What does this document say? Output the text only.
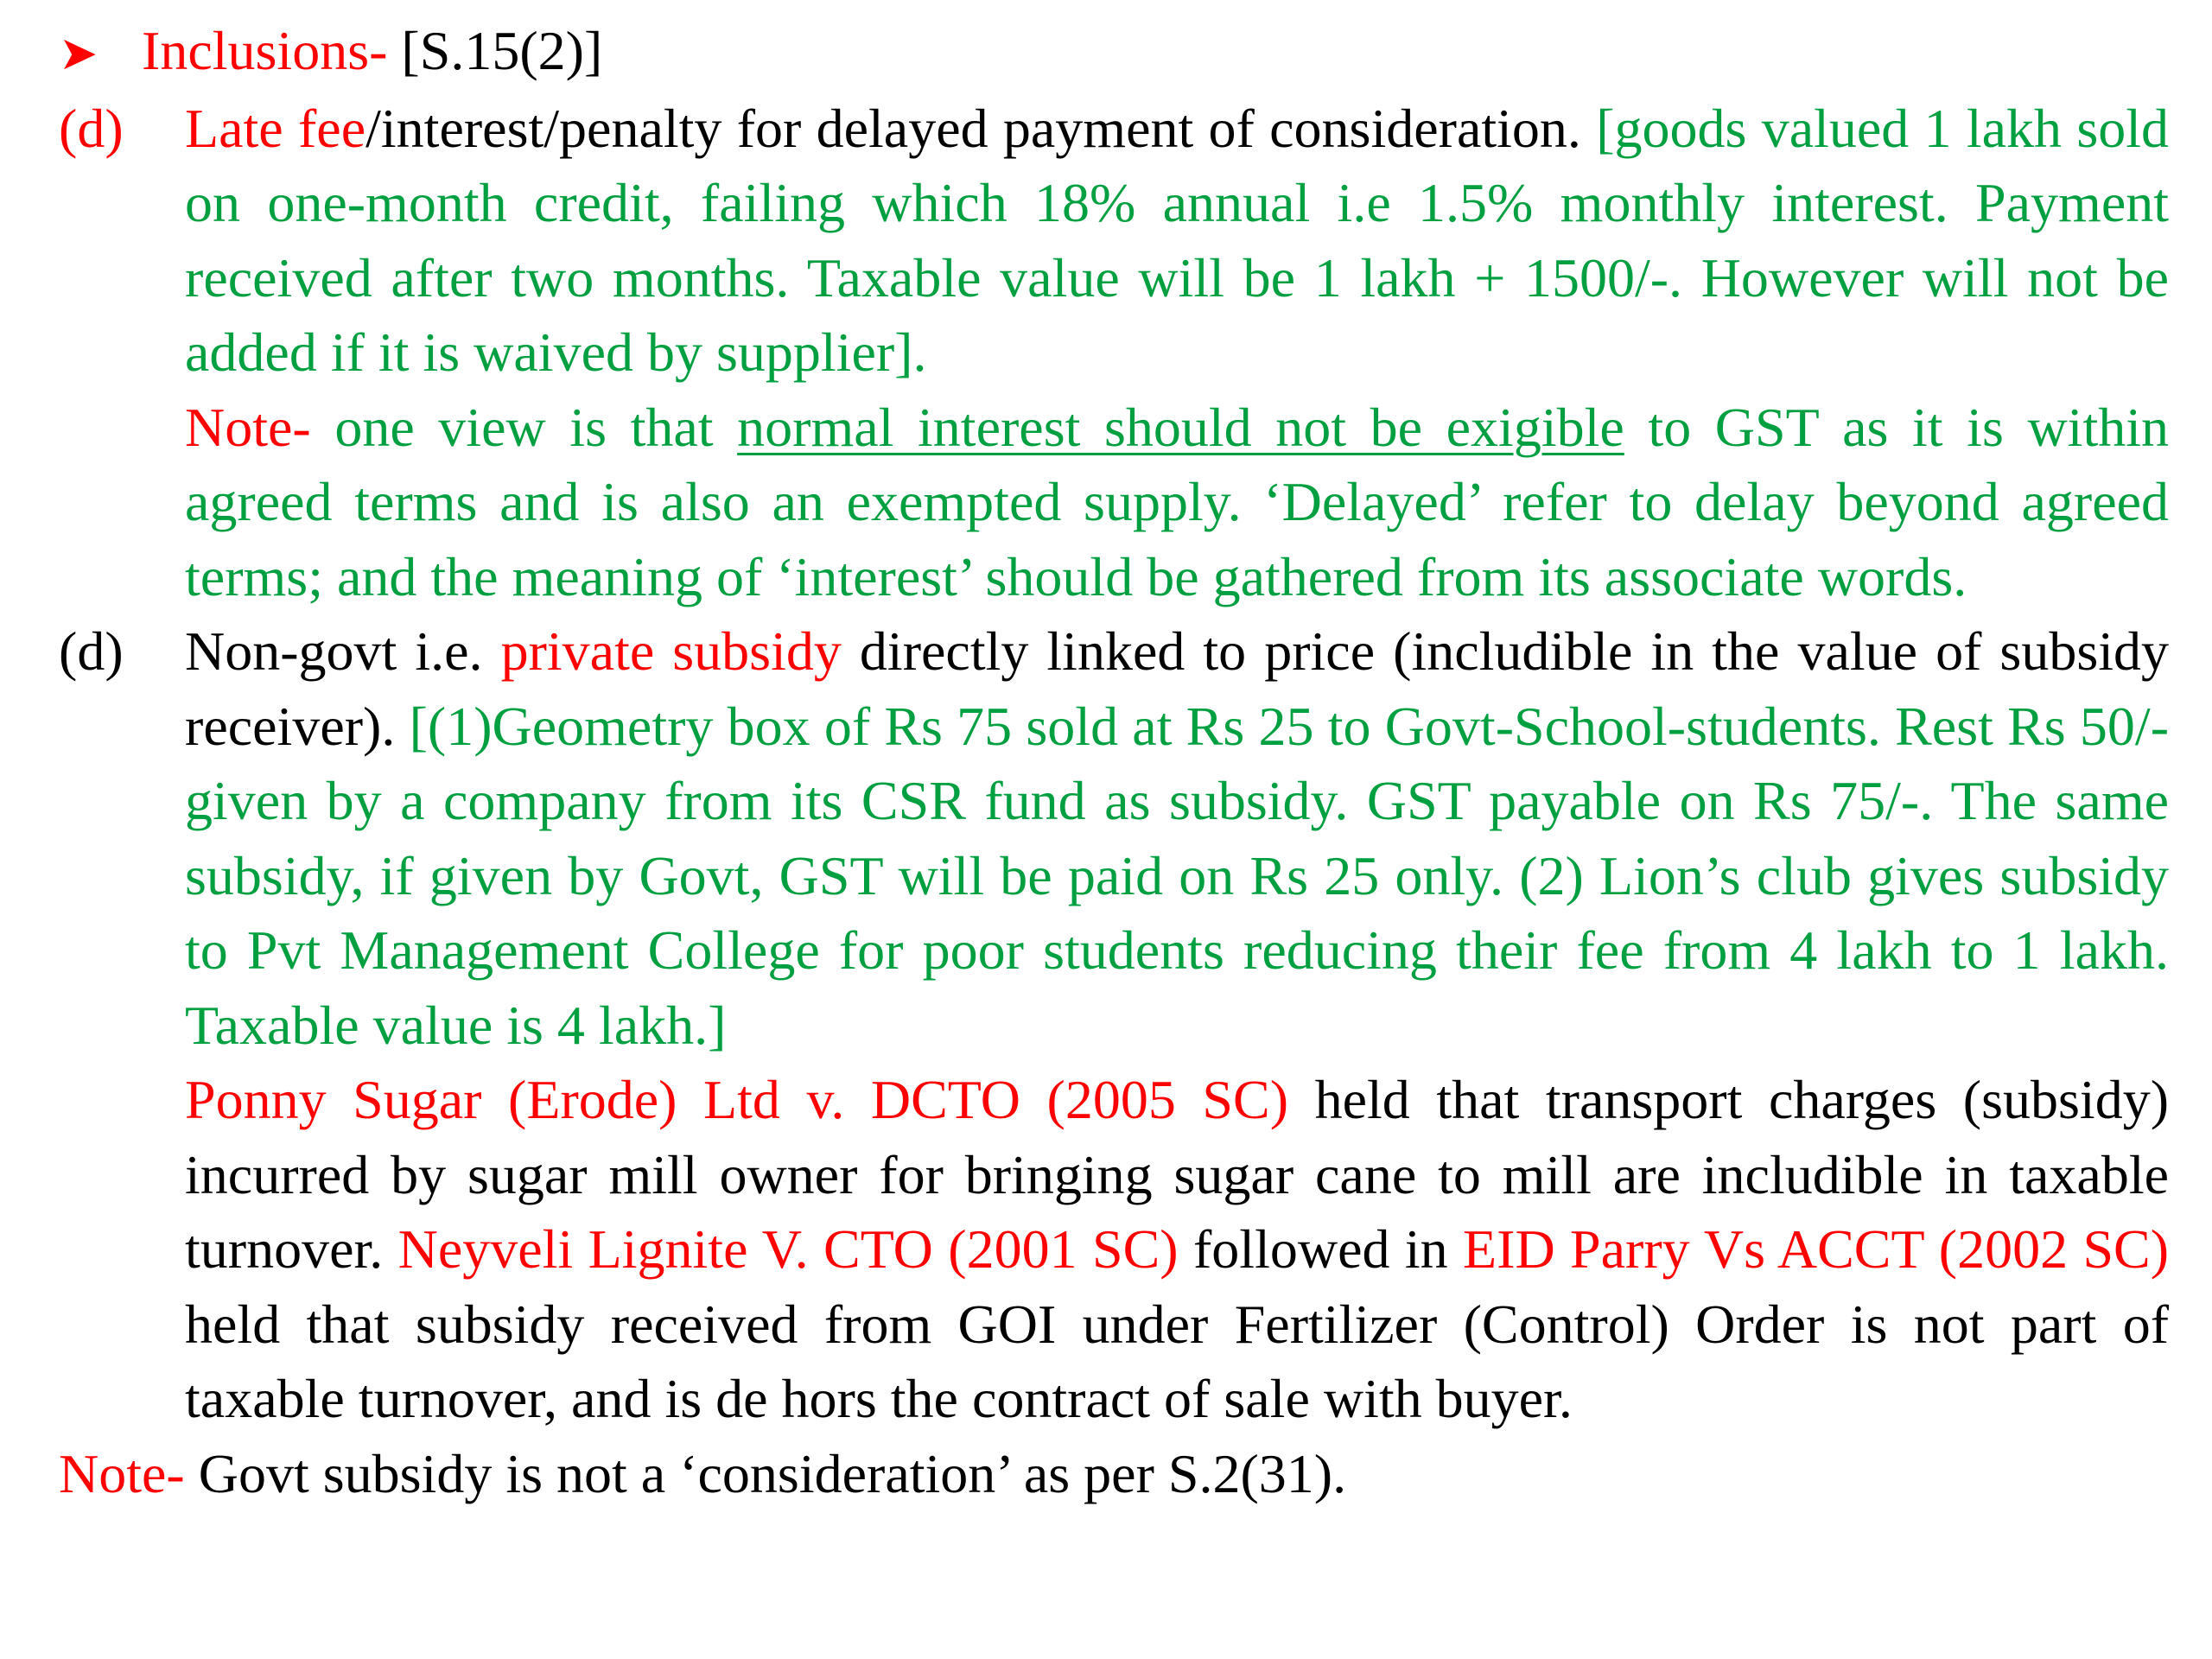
➤ Inclusions-
[S.15(2)]
(d)	Late fee/interest/penalty for delayed payment of consideration. [goods valued 1 lakh sold on one-month credit, failing which 18% annual i.e 1.5% monthly interest. Payment received after two months. Taxable value will be 1 lakh + 1500/-. However will not be added if it is waived by supplier].
Note- one view is that normal interest should not be exigible to GST as it is within agreed terms and is also an exempted supply. ‘Delayed’ refer to delay beyond agreed terms; and the meaning of ‘interest’ should be gathered from its associate words.
(d)	Non-govt i.e. private subsidy directly linked to price (includible in the value of subsidy receiver). [(1)Geometry box of Rs 75 sold at Rs 25 to Govt-School-students. Rest Rs 50/- given by a company from its CSR fund as subsidy. GST payable on Rs 75/-. The same subsidy, if given by Govt, GST will be paid on Rs 25 only. (2) Lion’s club gives subsidy to Pvt Management College for poor students reducing their fee from 4 lakh to 1 lakh. Taxable value is 4 lakh.]
Ponny Sugar (Erode) Ltd v. DCTO (2005 SC) held that transport charges (subsidy) incurred by sugar mill owner for bringing sugar cane to mill are includible in taxable turnover. Neyveli Lignite V. CTO (2001 SC) followed in EID Parry Vs ACCT (2002 SC) held that subsidy received from GOI under Fertilizer (Control) Order is not part of taxable turnover, and is de hors the contract of sale with buyer.
Note- Govt subsidy is not a ‘consideration’ as per S.2(31).
